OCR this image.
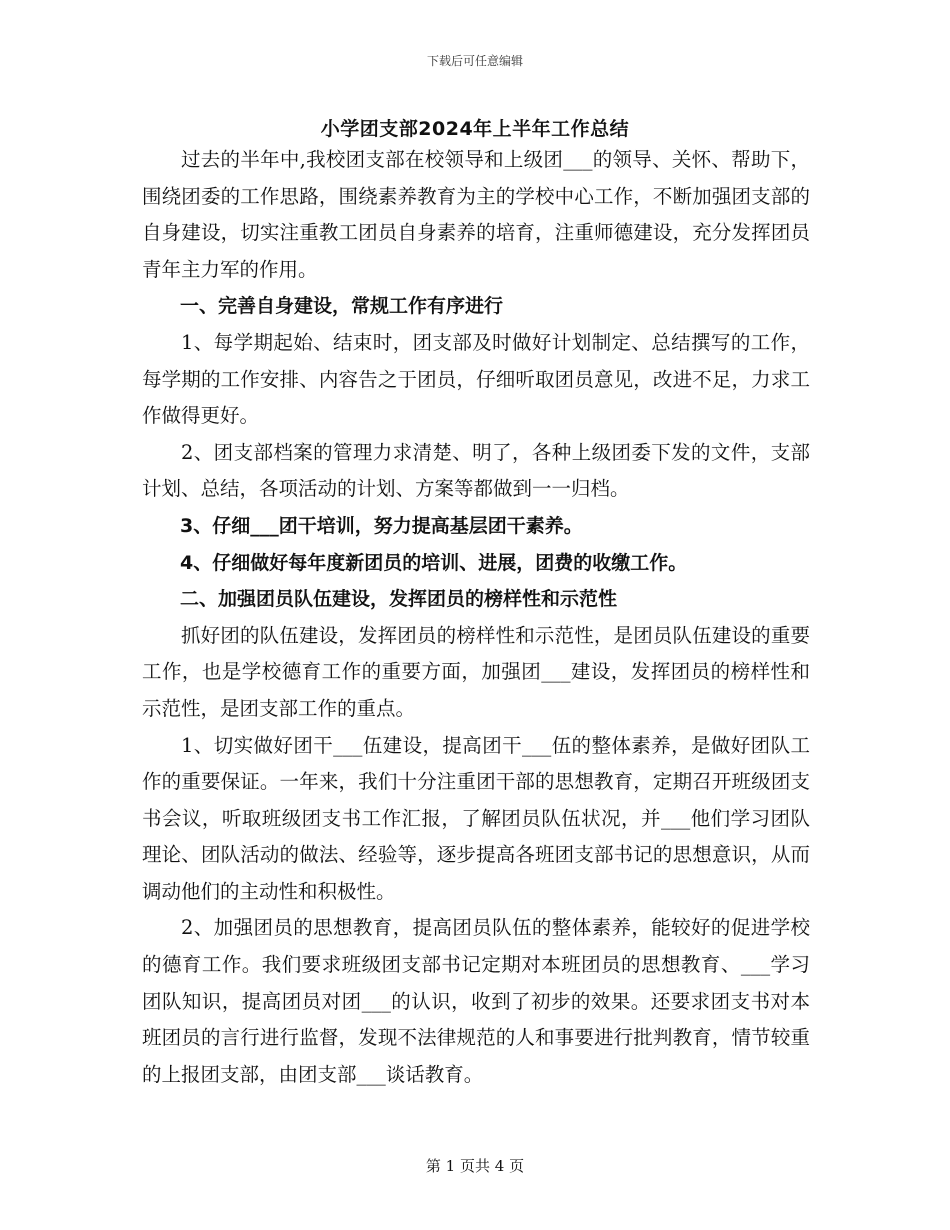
下载后可任意编辑
小学团支部2024年上半年工作总结

过去的半年中,我校团支部在校领导和上级团___的领导、关怀、帮助下，围绕团委的工作思路，围绕素养教育为主的学校中心工作，不断加强团支部的自身建设，切实注重教工团员自身素养的培育，注重师德建设，充分发挥团员青年主力军的作用。

一、完善自身建设，常规工作有序进行

1、每学期起始、结束时，团支部及时做好计划制定、总结撰写的工作，每学期的工作安排、内容告之于团员，仔细听取团员意见，改进不足，力求工作做得更好。

2、团支部档案的管理力求清楚、明了，各种上级团委下发的文件，支部计划、总结，各项活动的计划、方案等都做到一一归档。

3、仔细___团干培训，努力提高基层团干素养。

4、仔细做好每年度新团员的培训、进展，团费的收缴工作。

二、加强团员队伍建设，发挥团员的榜样性和示范性

抓好团的队伍建设，发挥团员的榜样性和示范性，是团员队伍建设的重要工作，也是学校德育工作的重要方面，加强团___建设，发挥团员的榜样性和示范性，是团支部工作的重点。

1、切实做好团干___伍建设，提高团干___伍的整体素养，是做好团队工作的重要保证。一年来，我们十分注重团干部的思想教育，定期召开班级团支书会议，听取班级团支书工作汇报，了解团员队伍状况，并___他们学习团队理论、团队活动的做法、经验等，逐步提高各班团支部书记的思想意识，从而调动他们的主动性和积极性。

2、加强团员的思想教育，提高团员队伍的整体素养，能较好的促进学校的德育工作。我们要求班级团支部书记定期对本班团员的思想教育、___学习团队知识，提高团员对团___的认识，收到了初步的效果。还要求团支书对本班团员的言行进行监督，发现不法律规范的人和事要进行批判教育，情节较重的上报团支部，由团支部___谈话教育。

第 1 页共 4 页
